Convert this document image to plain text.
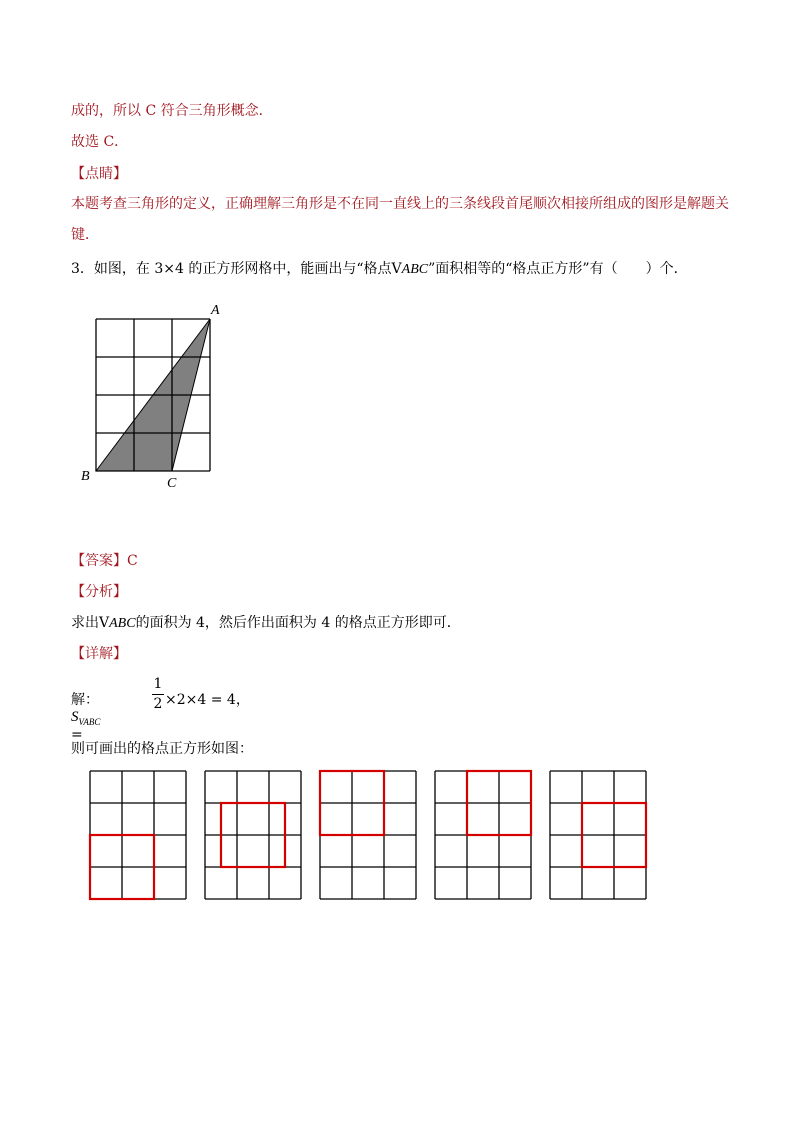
成的，所以 C 符合三角形概念．
故选 C．
【点睛】
本题考查三角形的定义，正确理解三角形是不在同一直线上的三条线段首尾顺次相接所组成的图形是解题关键．
3．如图，在 3×4 的正方形网格中，能画出与“格点VABC”面积相等的“格点正方形”有（　　）个．
A
B	C
【答案】C
【分析】
求出VABC的面积为 4，然后作出面积为 4 的格点正方形即可．
【详解】
解：$S_{VABC}$ =
1
2 ×2×4 = 4，
则可画出的格点正方形如图：
